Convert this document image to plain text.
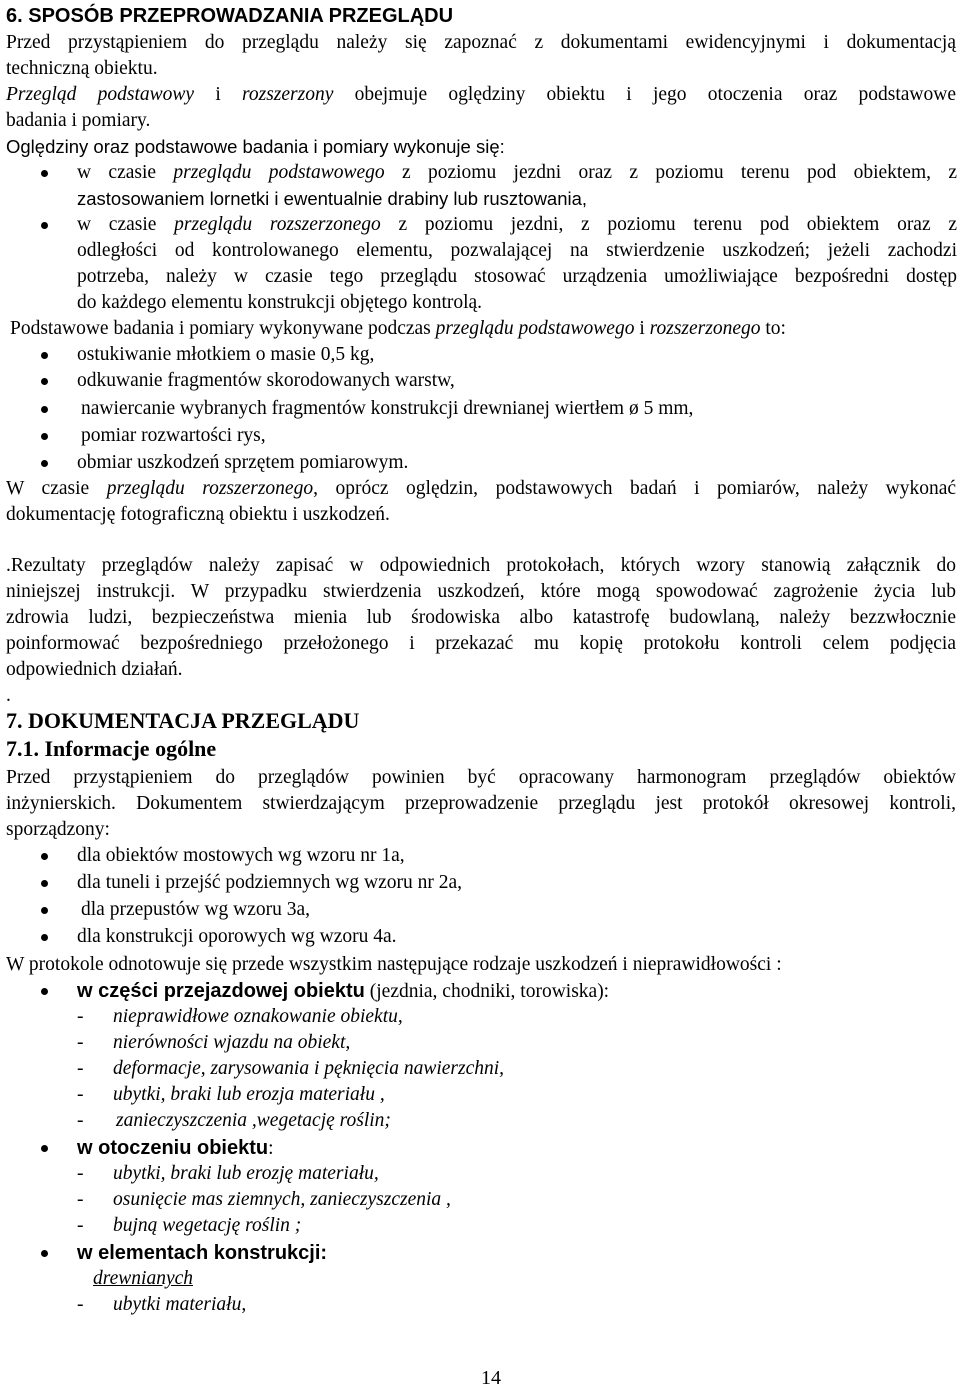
6. SPOSÓB PRZEPROWADZANIA PRZEGLĄDU
Przed przystąpieniem do przeglądu należy się zapoznać z dokumentami ewidencyjnymi i dokumentacją
techniczną obiektu.
Przegląd podstawowy i rozszerzony obejmuje oględziny obiektu i jego otoczenia oraz podstawowe
badania i pomiary.
Oględziny oraz podstawowe badania i pomiary wykonuje się:
w czasie przeglądu podstawowego z poziomu jezdni oraz z poziomu terenu pod obiektem, z
zastosowaniem lornetki i ewentualnie drabiny lub rusztowania,
w czasie przeglądu rozszerzonego z poziomu jezdni, z poziomu terenu pod obiektem oraz z
odległości od kontrolowanego elementu, pozwalającej na stwierdzenie uszkodzeń; jeżeli zachodzi
potrzeba, należy w czasie tego przeglądu stosować urządzenia umożliwiające bezpośredni dostęp
do każdego elementu konstrukcji objętego kontrolą.
Podstawowe badania i pomiary wykonywane podczas przeglądu podstawowego i rozszerzonego to:
ostukiwanie młotkiem o masie 0,5 kg,
odkuwanie fragmentów skorodowanych warstw,
nawiercanie wybranych fragmentów konstrukcji drewnianej wiertłem ø 5 mm,
pomiar rozwartości rys,
obmiar uszkodzeń sprzętem pomiarowym.
W czasie przeglądu rozszerzonego, oprócz oględzin, podstawowych badań i pomiarów, należy wykonać
dokumentację fotograficzną obiektu i uszkodzeń.
.Rezultaty przeglądów należy zapisać w odpowiednich protokołach, których wzory stanowią załącznik do
niniejszej instrukcji. W przypadku stwierdzenia uszkodzeń, które mogą spowodować zagrożenie życia lub
zdrowia ludzi, bezpieczeństwa mienia lub środowiska albo katastrofę budowlaną, należy bezzwłocznie
poinformować bezpośredniego przełożonego i przekazać mu kopię protokołu kontroli celem podjęcia
odpowiednich działań.
.
7. DOKUMENTACJA PRZEGLĄDU
7.1. Informacje ogólne
Przed przystąpieniem do przeglądów powinien być opracowany harmonogram przeglądów obiektów
inżynierskich. Dokumentem stwierdzającym przeprowadzenie przeglądu jest protokół okresowej kontroli,
sporządzony:
dla obiektów mostowych wg wzoru nr 1a,
dla tuneli i przejść podziemnych wg wzoru nr 2a,
dla przepustów wg wzoru 3a,
dla konstrukcji oporowych wg wzoru 4a.
W protokole odnotowuje się przede wszystkim następujące rodzaje uszkodzeń i nieprawidłowości :
w części przejazdowej obiektu (jezdnia, chodniki, torowiska):
- nieprawidłowe oznakowanie obiektu,
- nierówności wjazdu na obiekt,
- deformacje, zarysowania i pęknięcia nawierzchni,
- ubytki, braki lub erozja materiału ,
- zanieczyszczenia ,wegetację roślin;
w otoczeniu obiektu:
- ubytki, braki lub erozję materiału,
- osunięcie mas ziemnych, zanieczyszczenia ,
- bujną wegetację roślin ;
w elementach konstrukcji:
drewnianych
- ubytki materiału,
14
